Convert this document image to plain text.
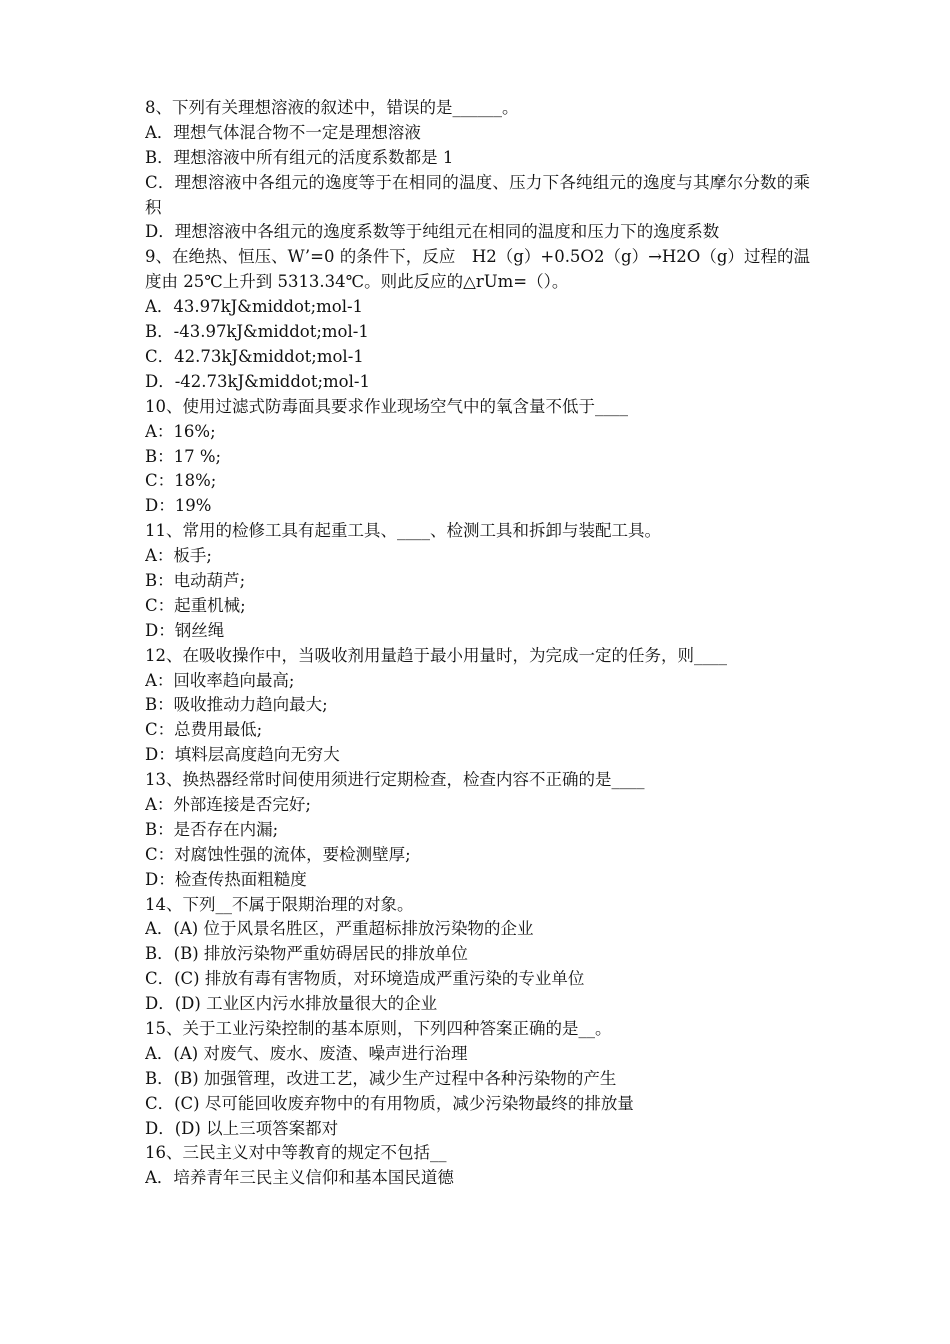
8、下列有关理想溶液的叙述中，错误的是______。
A．理想气体混合物不一定是理想溶液
B．理想溶液中所有组元的活度系数都是 1
C．理想溶液中各组元的逸度等于在相同的温度、压力下各纯组元的逸度与其摩尔分数的乘积
D．理想溶液中各组元的逸度系数等于纯组元在相同的温度和压力下的逸度系数
9、在绝热、恒压、W’=0 的条件下，反应　H2（g）+0.5O2（g）→H2O（g）过程的温度由 25℃上升到 5313.34℃。则此反应的△rUm=（）。
A．43.97kJ&middot;mol-1
B．-43.97kJ&middot;mol-1
C．42.73kJ&middot;mol-1
D．-42.73kJ&middot;mol-1
10、使用过滤式防毒面具要求作业现场空气中的氧含量不低于____
A：16%;
B：17 %;
C：18%;
D：19%
11、常用的检修工具有起重工具、____、检测工具和拆卸与装配工具。
A：板手;
B：电动葫芦;
C：起重机械;
D：钢丝绳
12、在吸收操作中，当吸收剂用量趋于最小用量时，为完成一定的任务，则____
A：回收率趋向最高;
B：吸收推动力趋向最大;
C：总费用最低;
D：填料层高度趋向无穷大
13、换热器经常时间使用须进行定期检查，检查内容不正确的是____
A：外部连接是否完好;
B：是否存在内漏;
C：对腐蚀性强的流体，要检测壁厚;
D：检查传热面粗糙度
14、下列__不属于限期治理的对象。
A．(A) 位于风景名胜区，严重超标排放污染物的企业
B．(B) 排放污染物严重妨碍居民的排放单位
C．(C) 排放有毒有害物质，对环境造成严重污染的专业单位
D．(D) 工业区内污水排放量很大的企业
15、关于工业污染控制的基本原则，下列四种答案正确的是__。
A．(A) 对废气、废水、废渣、噪声进行治理
B．(B) 加强管理，改进工艺，减少生产过程中各种污染物的产生
C．(C) 尽可能回收废弃物中的有用物质，减少污染物最终的排放量
D．(D) 以上三项答案都对
16、三民主义对中等教育的规定不包括__
A．培养青年三民主义信仰和基本国民道德
